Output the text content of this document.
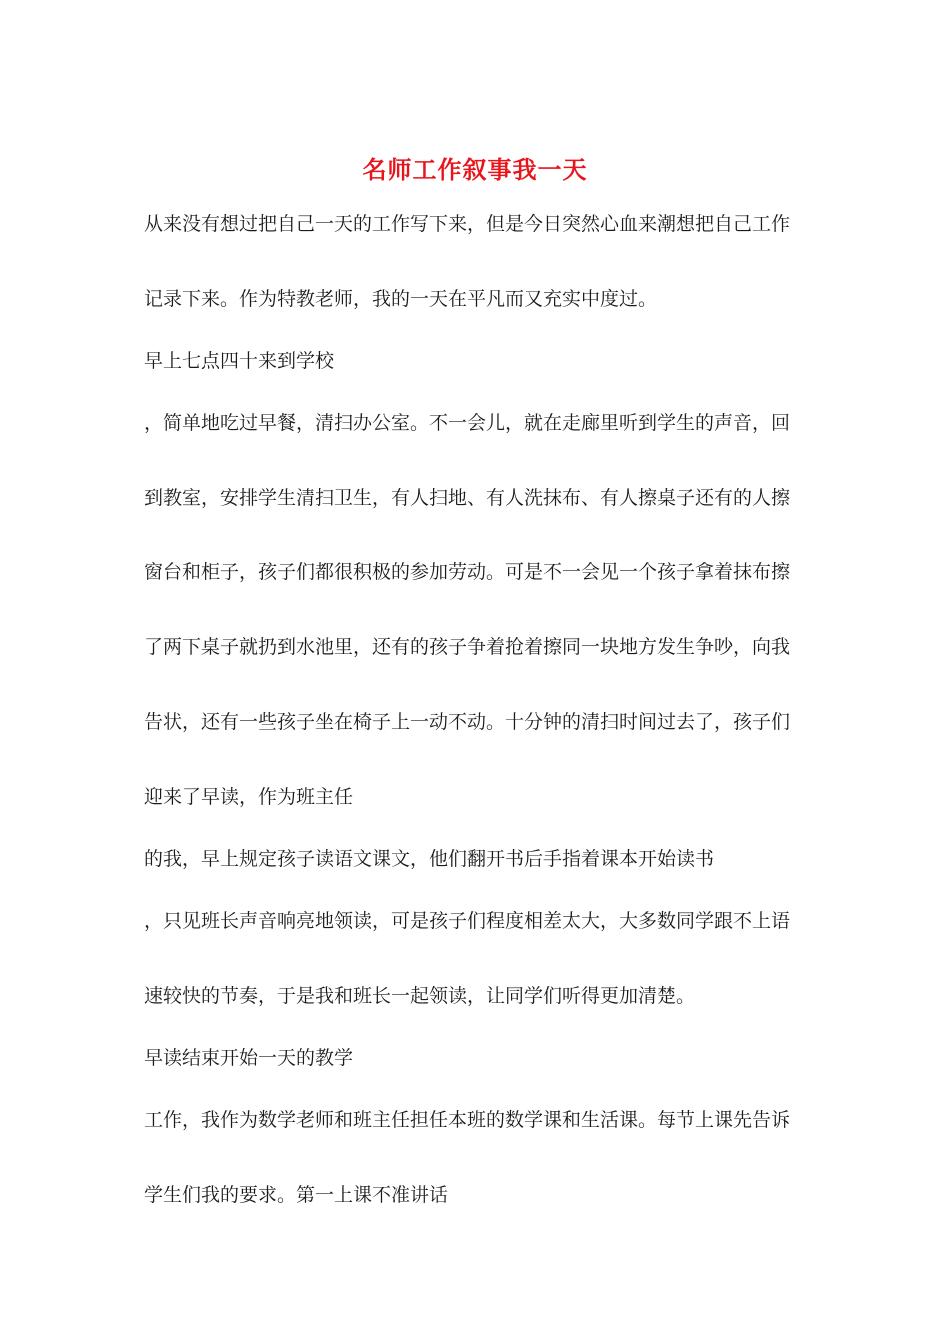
名师工作叙事我一天
从来没有想过把自己一天的工作写下来，但是今日突然心血来潮想把自己工作
记录下来。作为特教老师，我的一天在平凡而又充实中度过。
早上七点四十来到学校
，简单地吃过早餐，清扫办公室。不一会儿，就在走廊里听到学生的声音，回
到教室，安排学生清扫卫生，有人扫地、有人洗抹布、有人擦桌子还有的人擦
窗台和柜子，孩子们都很积极的参加劳动。可是不一会见一个孩子拿着抹布擦
了两下桌子就扔到水池里，还有的孩子争着抢着擦同一块地方发生争吵，向我
告状，还有一些孩子坐在椅子上一动不动。十分钟的清扫时间过去了，孩子们
迎来了早读，作为班主任
的我，早上规定孩子读语文课文，他们翻开书后手指着课本开始读书
，只见班长声音响亮地领读，可是孩子们程度相差太大，大多数同学跟不上语
速较快的节奏，于是我和班长一起领读，让同学们听得更加清楚。
早读结束开始一天的教学
工作，我作为数学老师和班主任担任本班的数学课和生活课。每节上课先告诉
学生们我的要求。第一上课不准讲话
